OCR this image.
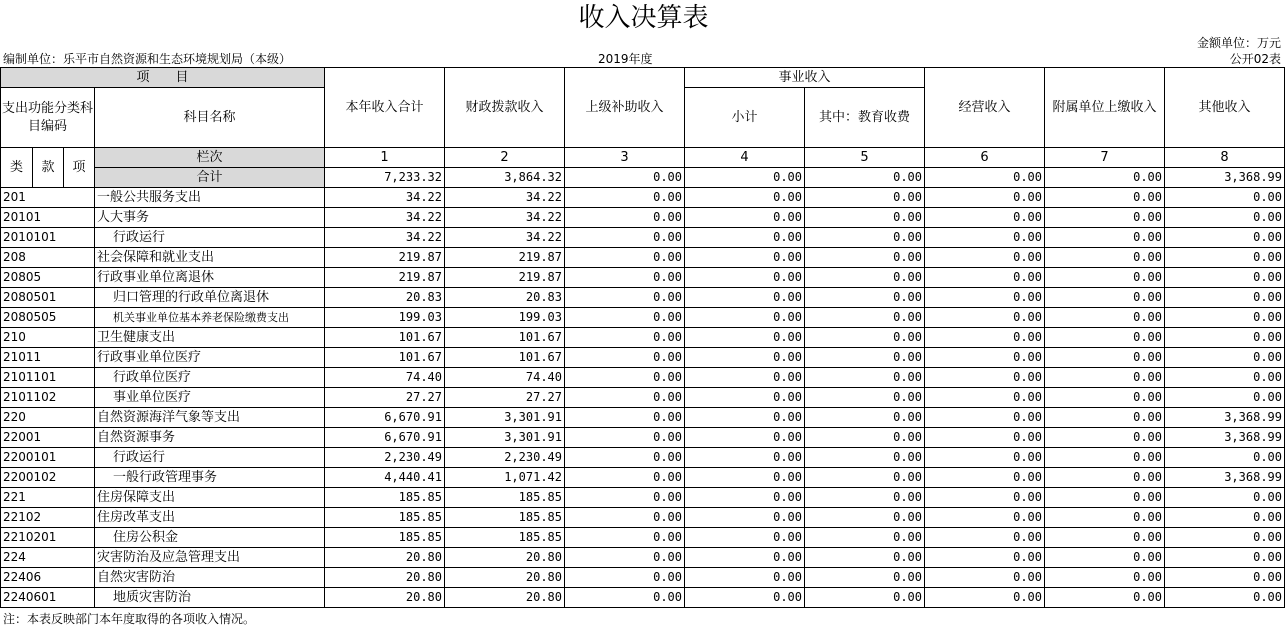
收入决算表
金额单位：万元
编制单位：乐平市自然资源和生态环境规划局（本级）	2019年度	公开02表
项　　目				本年收入合计	财政拨款收入	上级补助收入	事业收入		经营收入	附属单位上缴收入	其他收入
支出功能分类科目编码			科目名称				小计	其中：教育收费			

类	款	项	栏次	1	2	3	4	5	6	7	8
			合计	7,233.32	3,864.32	0.00	0.00	0.00	0.00	0.00	3,368.99
201			一般公共服务支出	34.22	34.22	0.00	0.00	0.00	0.00	0.00	0.00
20101			人大事务	34.22	34.22	0.00	0.00	0.00	0.00	0.00	0.00
2010101			行政运行	34.22	34.22	0.00	0.00	0.00	0.00	0.00	0.00
208			社会保障和就业支出	219.87	219.87	0.00	0.00	0.00	0.00	0.00	0.00
20805			行政事业单位离退休	219.87	219.87	0.00	0.00	0.00	0.00	0.00	0.00
2080501			归口管理的行政单位离退休	20.83	20.83	0.00	0.00	0.00	0.00	0.00	0.00
2080505			机关事业单位基本养老保险缴费支出	199.03	199.03	0.00	0.00	0.00	0.00	0.00	0.00
210			卫生健康支出	101.67	101.67	0.00	0.00	0.00	0.00	0.00	0.00
21011			行政事业单位医疗	101.67	101.67	0.00	0.00	0.00	0.00	0.00	0.00
2101101			行政单位医疗	74.40	74.40	0.00	0.00	0.00	0.00	0.00	0.00
2101102			事业单位医疗	27.27	27.27	0.00	0.00	0.00	0.00	0.00	0.00
220			自然资源海洋气象等支出	6,670.91	3,301.91	0.00	0.00	0.00	0.00	0.00	3,368.99
22001			自然资源事务	6,670.91	3,301.91	0.00	0.00	0.00	0.00	0.00	3,368.99
2200101			行政运行	2,230.49	2,230.49	0.00	0.00	0.00	0.00	0.00	0.00
2200102			一般行政管理事务	4,440.41	1,071.42	0.00	0.00	0.00	0.00	0.00	3,368.99
221			住房保障支出	185.85	185.85	0.00	0.00	0.00	0.00	0.00	0.00
22102			住房改革支出	185.85	185.85	0.00	0.00	0.00	0.00	0.00	0.00
2210201			住房公积金	185.85	185.85	0.00	0.00	0.00	0.00	0.00	0.00
224			灾害防治及应急管理支出	20.80	20.80	0.00	0.00	0.00	0.00	0.00	0.00
22406			自然灾害防治	20.80	20.80	0.00	0.00	0.00	0.00	0.00	0.00
2240601			地质灾害防治	20.80	20.80	0.00	0.00	0.00	0.00	0.00	0.00
注：本表反映部门本年度取得的各项收入情况。
